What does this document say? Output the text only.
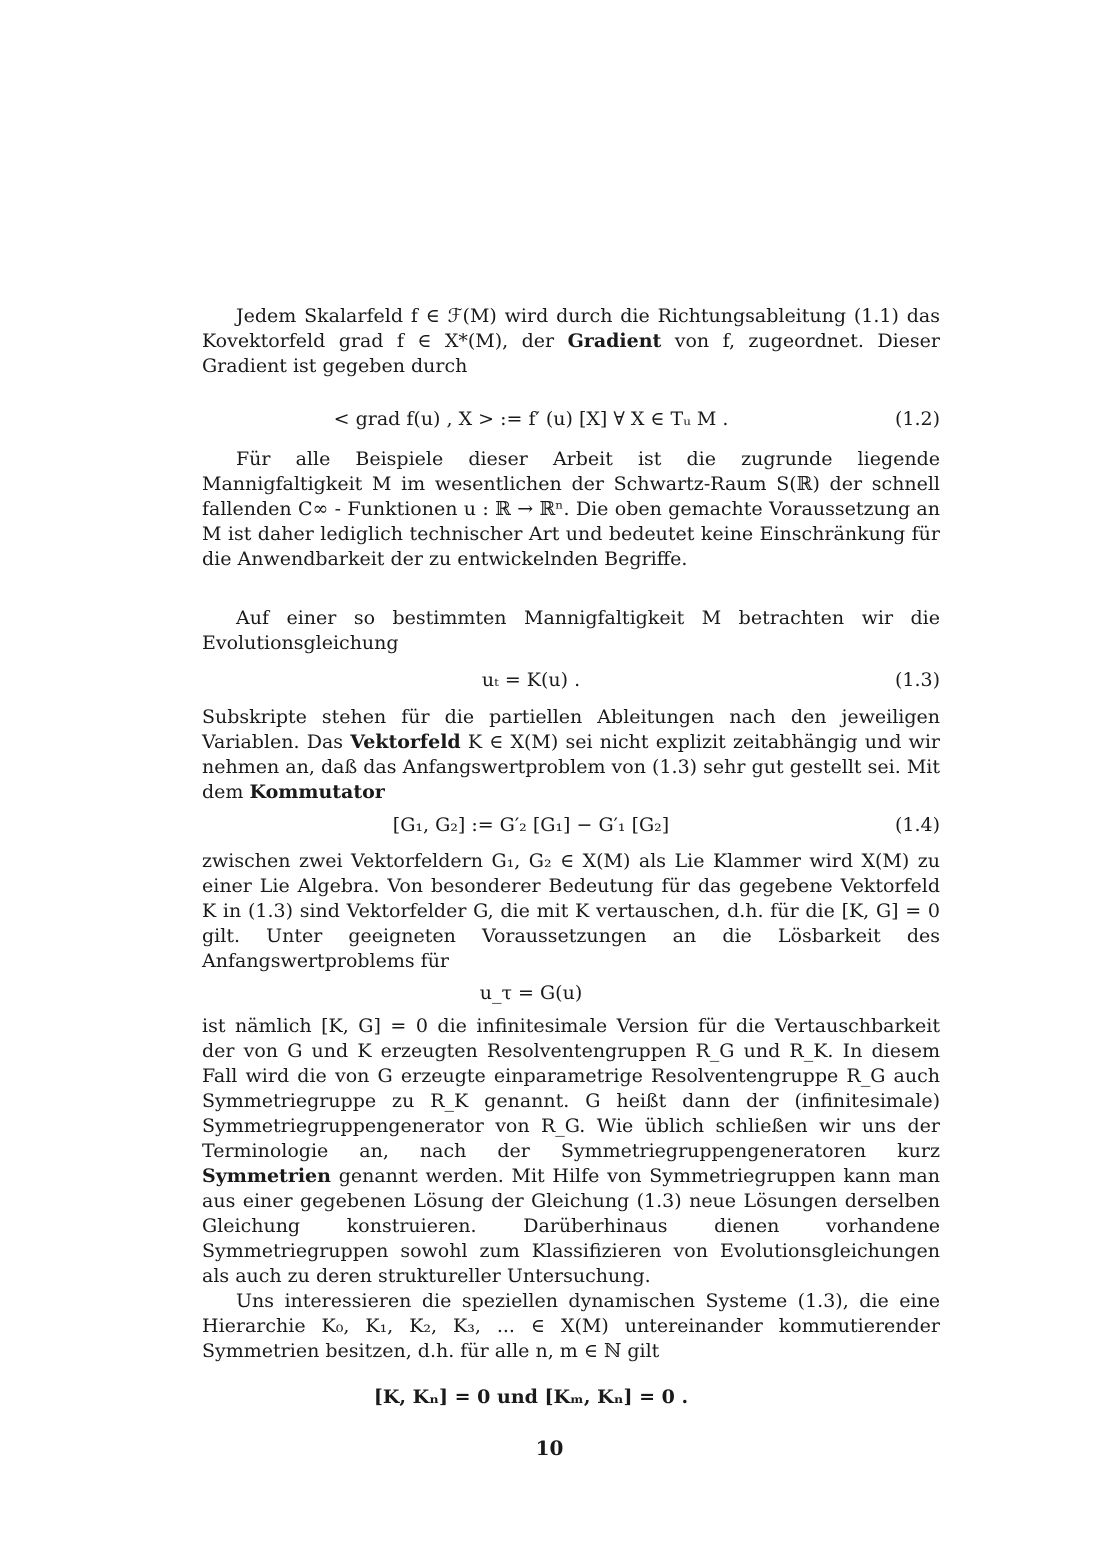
Jedem Skalarfeld f ∈ ℱ(M) wird durch die Richtungsableitung (1.1) das Kovektorfeld grad f ∈ X*(M), der Gradient von f, zugeordnet. Dieser Gradient ist gegeben durch

< grad f(u) , X > := f′ (u) [X] ∀ X ∈ Tᵤ M .	(1.2)

Für alle Beispiele dieser Arbeit ist die zugrunde liegende Mannigfaltigkeit M im wesentlichen der Schwartz-Raum S(ℝ) der schnell fallenden C∞ - Funktionen u : ℝ → ℝⁿ. Die oben gemachte Voraussetzung an M ist daher lediglich technischer Art und bedeutet keine Einschränkung für die Anwendbarkeit der zu entwickelnden Begriffe.

Auf einer so bestimmten Mannigfaltigkeit M betrachten wir die Evolutionsgleichung

uₜ = K(u) .	(1.3)

Subskripte stehen für die partiellen Ableitungen nach den jeweiligen Variablen. Das Vektorfeld K ∈ X(M) sei nicht explizit zeitabhängig und wir nehmen an, daß das Anfangswertproblem von (1.3) sehr gut gestellt sei. Mit dem Kommutator

[G₁, G₂] := G′₂ [G₁] − G′₁ [G₂]	(1.4)

zwischen zwei Vektorfeldern G₁, G₂ ∈ X(M) als Lie Klammer wird X(M) zu einer Lie Algebra. Von besonderer Bedeutung für das gegebene Vektorfeld K in (1.3) sind Vektorfelder G, die mit K vertauschen, d.h. für die [K, G] = 0 gilt. Unter geeigneten Voraussetzungen an die Lösbarkeit des Anfangswertproblems für

u_τ = G(u)

ist nämlich [K, G] = 0 die infinitesimale Version für die Vertauschbarkeit der von G und K erzeugten Resolventengruppen R_G und R_K. In diesem Fall wird die von G erzeugte einparametrige Resolventengruppe R_G auch Symmetriegruppe zu R_K genannt. G heißt dann der (infinitesimale) Symmetriegruppengenerator von R_G. Wie üblich schließen wir uns der Terminologie an, nach der Symmetriegruppengeneratoren kurz Symmetrien genannt werden. Mit Hilfe von Symmetriegruppen kann man aus einer gegebenen Lösung der Gleichung (1.3) neue Lösungen derselben Gleichung konstruieren. Darüberhinaus dienen vorhandene Symmetriegruppen sowohl zum Klassifizieren von Evolutionsgleichungen als auch zu deren struktureller Untersuchung.

Uns interessieren die speziellen dynamischen Systeme (1.3), die eine Hierarchie K₀, K₁, K₂, K₃, ... ∈ X(M) untereinander kommutierender Symmetrien besitzen, d.h. für alle n, m ∈ ℕ gilt

[K, Kₙ] = 0 und [Kₘ, Kₙ] = 0 .
10
